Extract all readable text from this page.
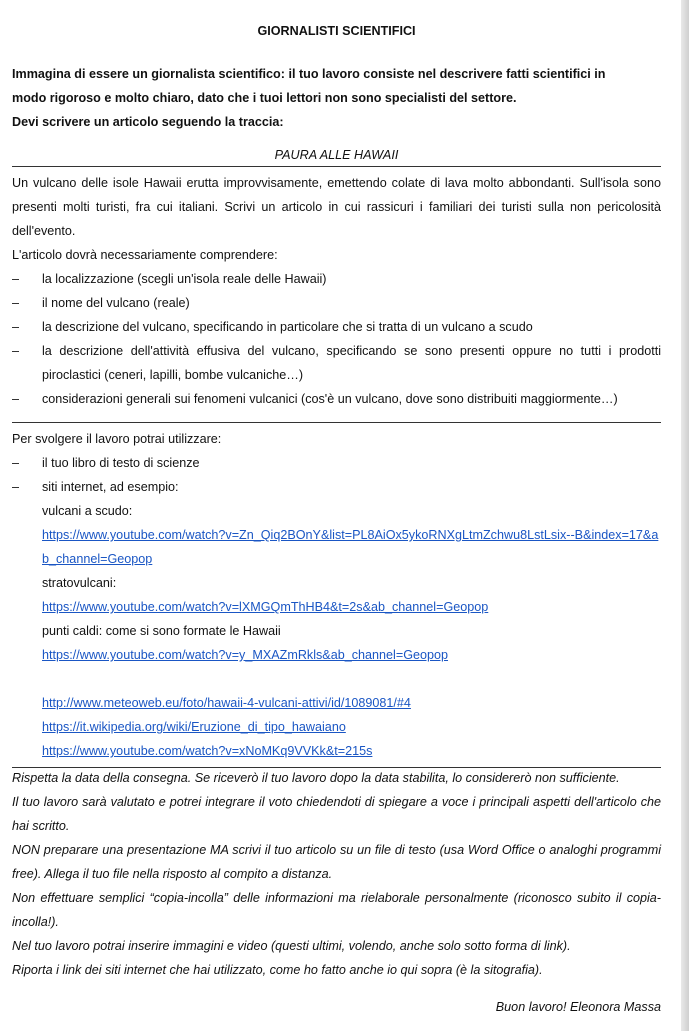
GIORNALISTI SCIENTIFICI

Immagina di essere un giornalista scientifico: il tuo lavoro consiste nel descrivere fatti scientifici in

modo rigoroso e molto chiaro, dato che i tuoi lettori non sono specialisti del settore.

Devi scrivere un articolo seguendo la traccia:

PAURA ALLE HAWAII

Un vulcano delle isole Hawaii erutta improvvisamente, emettendo colate di lava molto abbondanti. Sull'isola sono presenti molti turisti, fra cui italiani. Scrivi un articolo in cui rassicuri i familiari dei turisti sulla non pericolosità dell'evento.

L'articolo dovrà necessariamente comprendere:

– la localizzazione (scegli un'isola reale delle Hawaii)
– il nome del vulcano (reale)
– la descrizione del vulcano, specificando in particolare che si tratta di un vulcano a scudo
– la descrizione dell'attività effusiva del vulcano, specificando se sono presenti oppure no tutti i prodotti piroclastici (ceneri, lapilli, bombe vulcaniche…)
– considerazioni generali sui fenomeni vulcanici (cos'è un vulcano, dove sono distribuiti maggiormente…)

Per svolgere il lavoro potrai utilizzare:

– il tuo libro di testo di scienze
– siti internet, ad esempio:
vulcani a scudo:
https://www.youtube.com/watch?v=Zn_Qiq2BOnY&list=PL8AiOx5ykoRNXgLtmZchwu8LstLsix--B&index=17&ab_channel=Geopop
stratovulcani:
https://www.youtube.com/watch?v=lXMGQmThHB4&t=2s&ab_channel=Geopop
punti caldi: come si sono formate le Hawaii
https://www.youtube.com/watch?v=y_MXAZmRkls&ab_channel=Geopop
http://www.meteoweb.eu/foto/hawaii-4-vulcani-attivi/id/1089081/#4
https://it.wikipedia.org/wiki/Eruzione_di_tipo_hawaiano
https://www.youtube.com/watch?v=xNoMKq9VVKk&t=215s

Rispetta la data della consegna. Se riceverò il tuo lavoro dopo la data stabilita, lo considererò non sufficiente.

Il tuo lavoro sarà valutato e potrei integrare il voto chiedendoti di spiegare a voce i principali aspetti dell'articolo che hai scritto.

NON preparare una presentazione MA scrivi il tuo articolo su un file di testo (usa Word Office o analoghi programmi free). Allega il tuo file nella risposto al compito a distanza.

Non effettuare semplici “copia-incolla” delle informazioni ma rielaborale personalmente (riconosco subito il copia-incolla!).

Nel tuo lavoro potrai inserire immagini e video (questi ultimi, volendo, anche solo sotto forma di link).

Riporta i link dei siti internet che hai utilizzato, come ho fatto anche io qui sopra (è la sitografia).

Buon lavoro! Eleonora Massa
